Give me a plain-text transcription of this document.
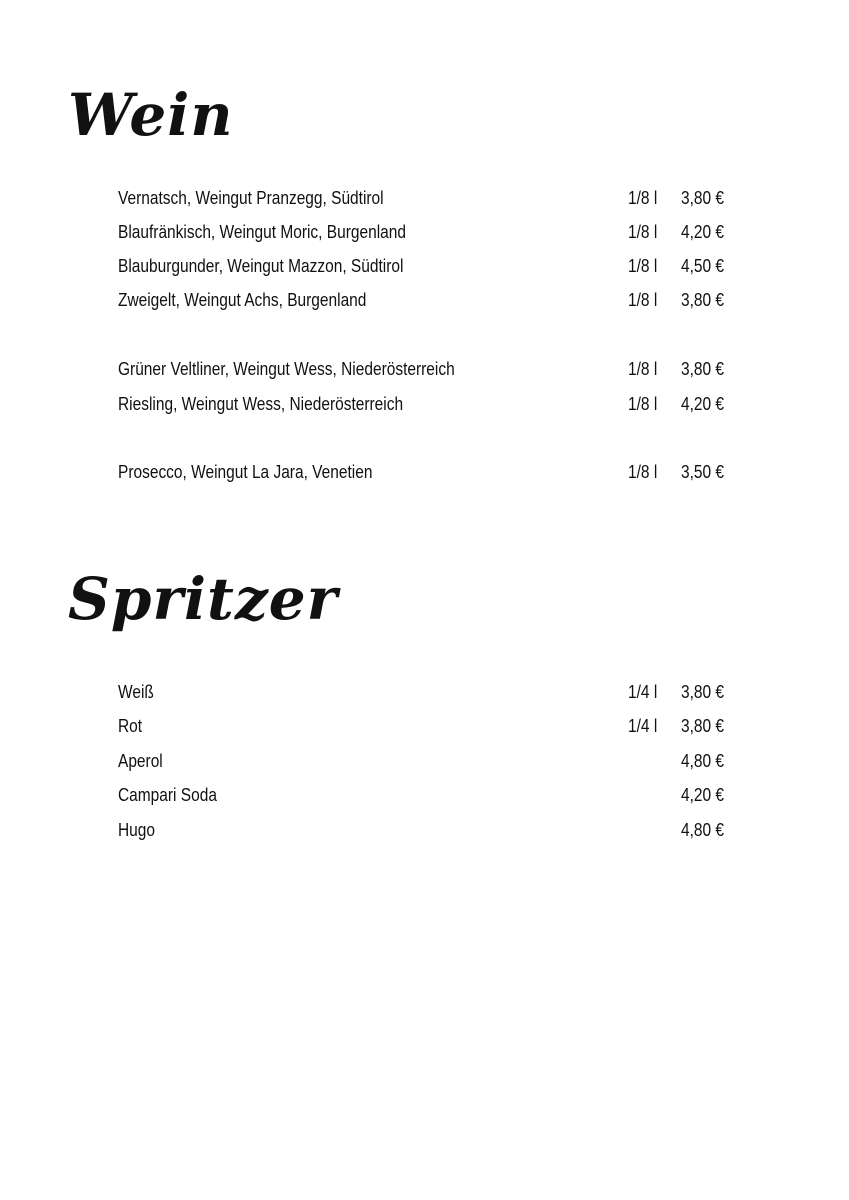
Wein
Vernatsch, Weingut Pranzegg, Südtirol	1/8 l 3,80 €
Blaufränkisch, Weingut Moric, Burgenland	1/8 l 4,20 €
Blauburgunder, Weingut Mazzon, Südtirol	1/8 l 4,50 €
Zweigelt, Weingut Achs, Burgenland	1/8 l 3,80 €
Grüner Veltliner, Weingut Wess, Niederösterreich	1/8 l 3,80 €
Riesling, Weingut Wess, Niederösterreich	1/8 l 4,20 €
Prosecco, Weingut La Jara, Venetien	1/8 l 3,50 €
Spritzer
Weiß	1/4 l 3,80 €
Rot	1/4 l 3,80 €
Aperol	4,80 €
Campari Soda	4,20 €
Hugo	4,80 €
